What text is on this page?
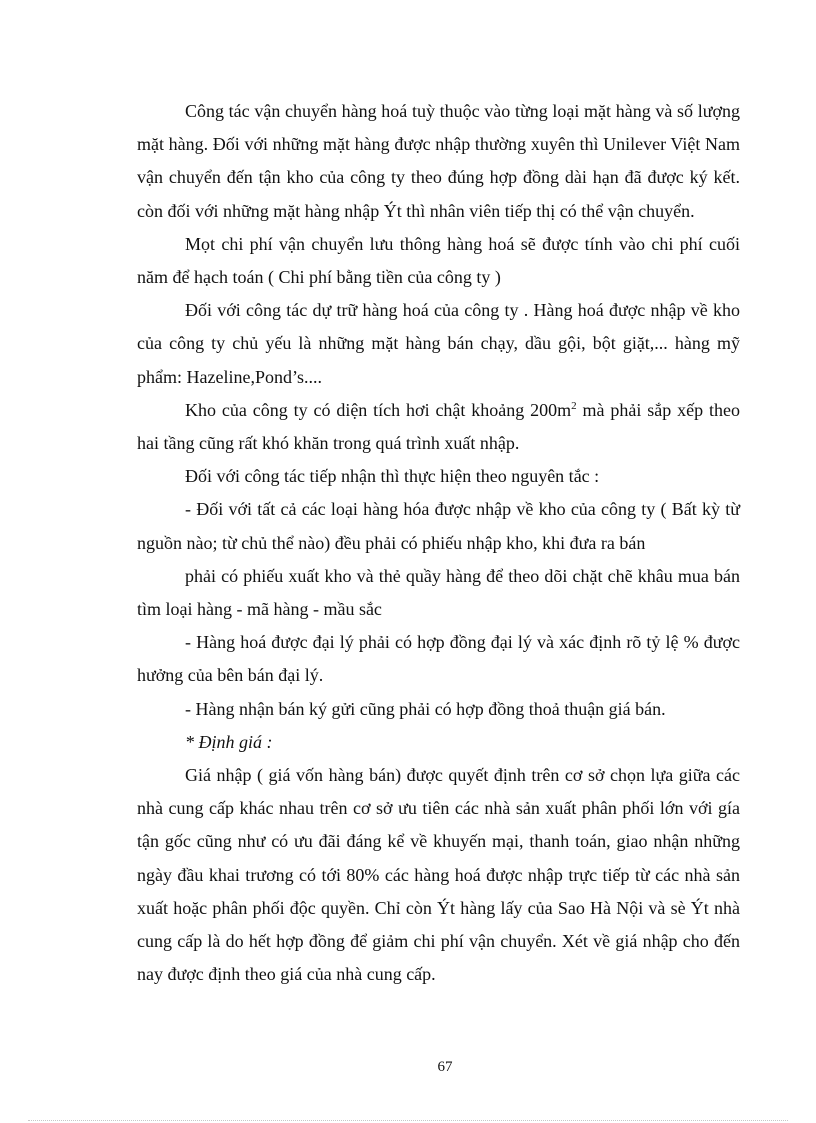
Công tác vận chuyển hàng hoá tuỳ thuộc vào từng loại mặt hàng và số lượng mặt hàng. Đối với những mặt hàng được nhập thường xuyên thì Unilever Việt Nam vận chuyển đến tận kho của công ty theo đúng hợp đồng dài hạn đã được ký kết. còn đối với những mặt hàng nhập Ýt thì nhân viên tiếp thị có thể vận chuyển.

Mọt chi phí vận chuyển lưu thông hàng hoá sẽ được tính vào chi phí cuối năm để hạch toán ( Chi phí bằng tiền của công ty )

Đối với công tác dự trữ hàng hoá của công ty . Hàng hoá được nhập về kho của công ty chủ yếu là những mặt hàng bán chạy, dầu gội, bột giặt,... hàng mỹ phẩm: Hazeline,Pond’s....

Kho của công ty có diện tích hơi chật khoảng $200m^2$ mà phải sắp xếp theo hai tầng cũng rất khó khăn trong quá trình xuất nhập.

Đối với công tác tiếp nhận thì thực hiện theo nguyên tắc :

- Đối với tất cả các loại hàng hóa được nhập về kho của công ty ( Bất kỳ từ nguồn nào; từ chủ thể nào) đều phải có phiếu nhập kho, khi đưa ra bán

phải có phiếu xuất kho và thẻ quầy hàng để theo dõi chặt chẽ khâu mua bán tìm loại hàng - mã hàng - mầu sắc

- Hàng hoá được đại lý phải có hợp đồng đại lý và xác định rõ tỷ lệ % được hưởng của bên bán đại lý.

- Hàng nhận bán ký gửi cũng phải có hợp đồng thoả thuận giá bán.

* Định giá :

Giá nhập ( giá vốn hàng bán) được quyết định trên cơ sở chọn lựa giữa các nhà cung cấp khác nhau trên cơ sở ưu tiên các nhà sản xuất phân phối lớn với gía tận gốc cũng như có ưu đãi đáng kể về khuyến mại, thanh toán, giao nhận những ngày đầu khai trương có tới 80% các hàng hoá được nhập trực tiếp từ các nhà sản xuất hoặc phân phối độc quyền. Chỉ còn Ýt hàng lấy của Sao Hà Nội và sè Ýt nhà cung cấp là do hết hợp đồng để giảm chi phí vận chuyển. Xét về giá nhập cho đến nay được định theo giá của nhà cung cấp.

67
